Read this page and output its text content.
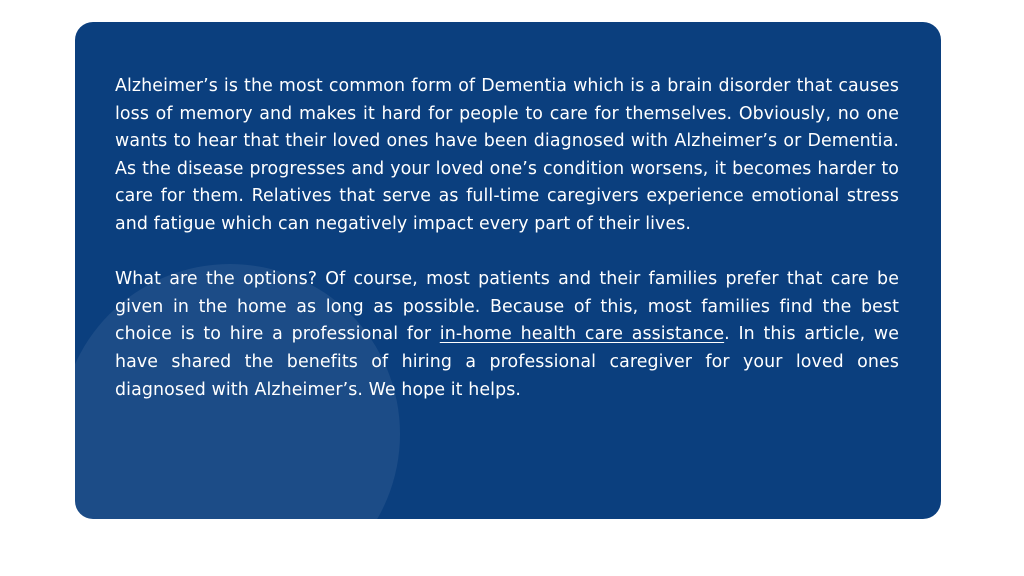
Alzheimer’s is the most common form of Dementia which is a brain disorder that causes loss of memory and makes it hard for people to care for themselves. Obviously, no one wants to hear that their loved ones have been diagnosed with Alzheimer’s or Dementia. As the disease progresses and your loved one’s condition worsens, it becomes harder to care for them. Relatives that serve as full-time caregivers experience emotional stress and fatigue which can negatively impact every part of their lives.

What are the options? Of course, most patients and their families prefer that care be given in the home as long as possible. Because of this, most families find the best choice is to hire a professional for in-home health care assistance. In this article, we have shared the benefits of hiring a professional caregiver for your loved ones diagnosed with Alzheimer’s. We hope it helps.
